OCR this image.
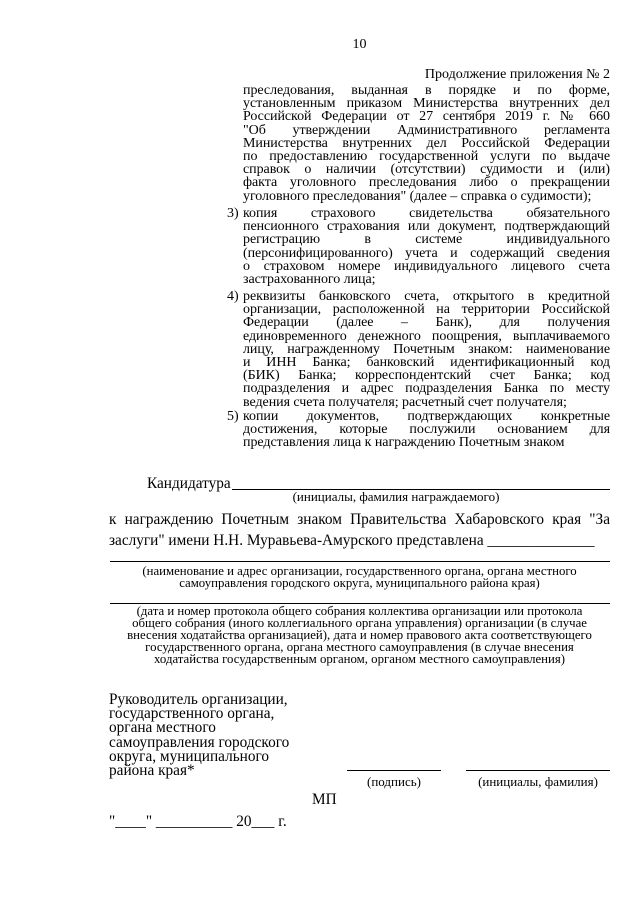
10
Продолжение приложения № 2
преследования, выданная в порядке и по форме,
установленным приказом Министерства внутренних дел
Российской Федерации от 27 сентября 2019 г. № 660
"Об утверждении Административного регламента
Министерства внутренних дел Российской Федерации
по предоставлению государственной услуги по выдаче
справок о наличии (отсутствии) судимости и (или)
факта уголовного преследования либо о прекращении
уголовного преследования" (далее – справка о судимости);
3) копия страхового свидетельства обязательного
пенсионного страхования или документ, подтверждающий
регистрацию в системе индивидуального
(персонифицированного) учета и содержащий сведения
о страховом номере индивидуального лицевого счета
застрахованного лица;
4) реквизиты банковского счета, открытого в кредитной
организации, расположенной на территории Российской
Федерации (далее – Банк), для получения
единовременного денежного поощрения, выплачиваемого
лицу, награжденному Почетным знаком: наименование
и ИНН Банка; банковский идентификационный код
(БИК) Банка; корреспондентский счет Банка; код
подразделения и адрес подразделения Банка по месту
ведения счета получателя; расчетный счет получателя;
5) копии документов, подтверждающих конкретные
достижения, которые послужили основанием для
представления лица к награждению Почетным знаком
Кандидатура
(инициалы, фамилия награждаемого)
к награждению Почетным знаком Правительства Хабаровского края "За
заслуги" имени Н.Н. Муравьева-Амурского представлена ______________
(наименование и адрес организации, государственного органа, органа местного
самоуправления городского округа, муниципального района края)
(дата и номер протокола общего собрания коллектива организации или протокола
общего собрания (иного коллегиального органа управления) организации (в случае
внесения ходатайства организацией), дата и номер правового акта соответствующего
государственного органа, органа местного самоуправления (в случае внесения
ходатайства государственным органом, органом местного самоуправления)
Руководитель организации,
государственного органа,
органа местного
самоуправления городского
округа, муниципального
района края*
(подпись)	(инициалы, фамилия)
МП
"____" __________ 20___ г.
